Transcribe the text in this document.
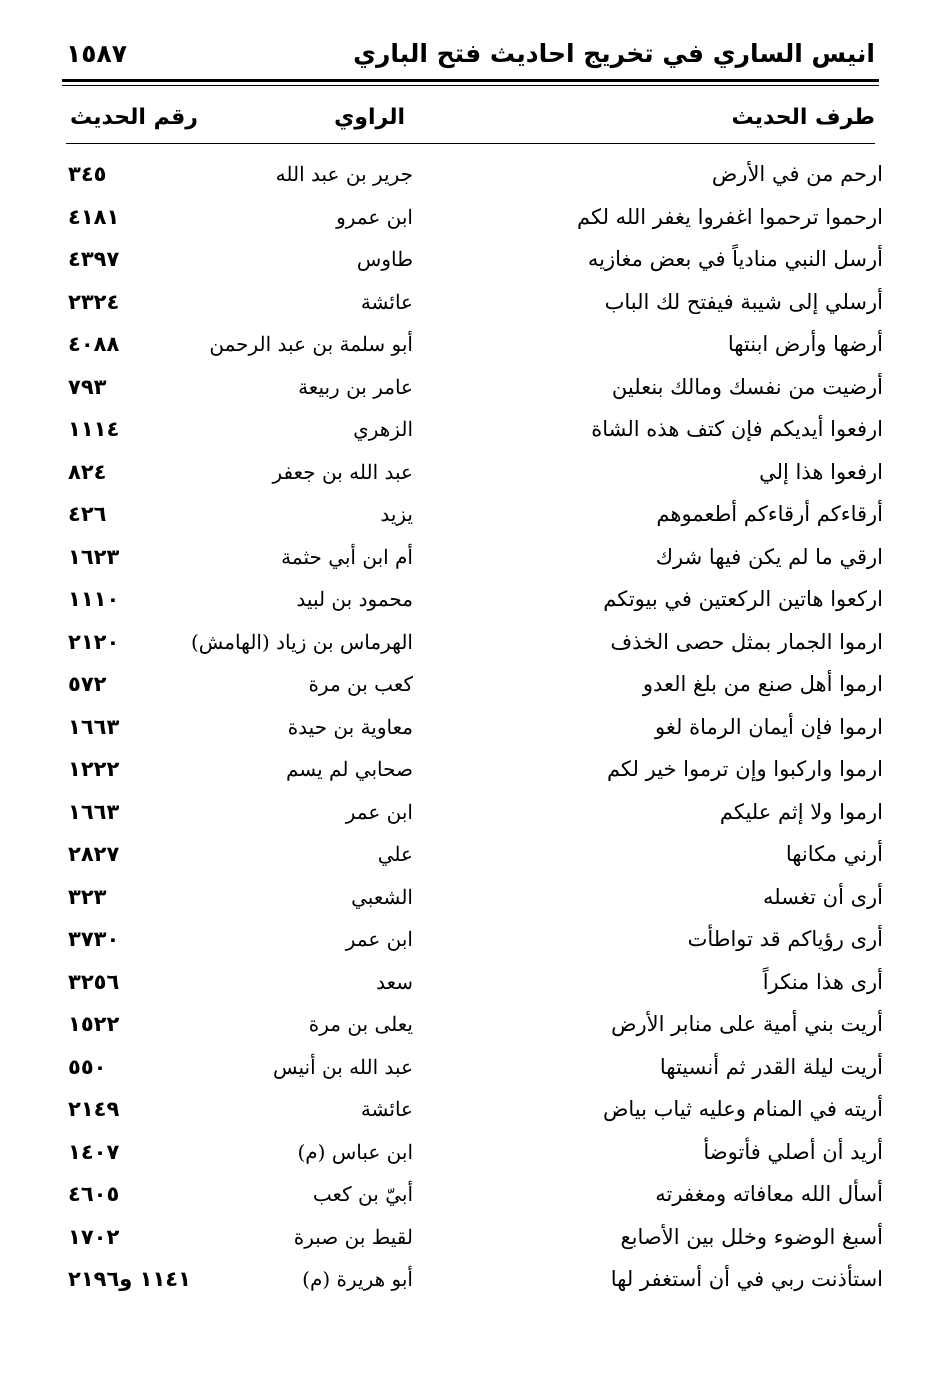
انيس الساري في تخريج احاديث فتح الباري
١٥٨٧
طرف الحديث
الراوي
رقم الحديث
ارحم من في الأرض
جرير بن عبد الله
٣٤٥
ارحموا ترحموا اغفروا يغفر الله لكم
ابن عمرو
٤١٨١
أرسل النبي منادياً في بعض مغازيه
طاوس
٤٣٩٧
أرسلي إلى شيبة فيفتح لك الباب
عائشة
٢٣٢٤
أرضها وأرض ابنتها
أبو سلمة بن عبد الرحمن
٤٠٨٨
أرضيت من نفسك ومالك بنعلين
عامر بن ربيعة
٧٩٣
ارفعوا أيديكم فإن كتف هذه الشاة
الزهري
١١١٤
ارفعوا هذا إلي
عبد الله بن جعفر
٨٢٤
أرقاءكم أرقاءكم أطعموهم
يزيد
٤٢٦
ارقي ما لم يكن فيها شرك
أم ابن أبي حثمة
١٦٢٣
اركعوا هاتين الركعتين في بيوتكم
محمود بن لبيد
١١١٠
ارموا الجمار بمثل حصى الخذف
الهرماس بن زياد (الهامش)
٢١٢٠
ارموا أهل صنع من بلغ العدو
كعب بن مرة
٥٧٢
ارموا فإن أيمان الرماة لغو
معاوية بن حيدة
١٦٦٣
ارموا واركبوا وإن ترموا خير لكم
صحابي لم يسم
١٢٢٢
ارموا ولا إثم عليكم
ابن عمر
١٦٦٣
أرني مكانها
علي
٢٨٢٧
أرى أن تغسله
الشعبي
٣٢٣
أرى رؤياكم قد تواطأت
ابن عمر
٣٧٣٠
أرى هذا منكراً
سعد
٣٢٥٦
أريت بني أمية على منابر الأرض
يعلى بن مرة
١٥٢٢
أريت ليلة القدر ثم أنسيتها
عبد الله بن أنيس
٥٥٠
أريته في المنام وعليه ثياب بياض
عائشة
٢١٤٩
أريد أن أصلي فأتوضأ
ابن عباس (م)
١٤٠٧
أسأل الله معافاته ومغفرته
أبيّ بن كعب
٤٦٠٥
أسبغ الوضوء وخلل بين الأصابع
لقيط بن صبرة
١٧٠٢
استأذنت ربي في أن أستغفر لها
أبو هريرة (م)
١١٤١ و٢١٩٦
